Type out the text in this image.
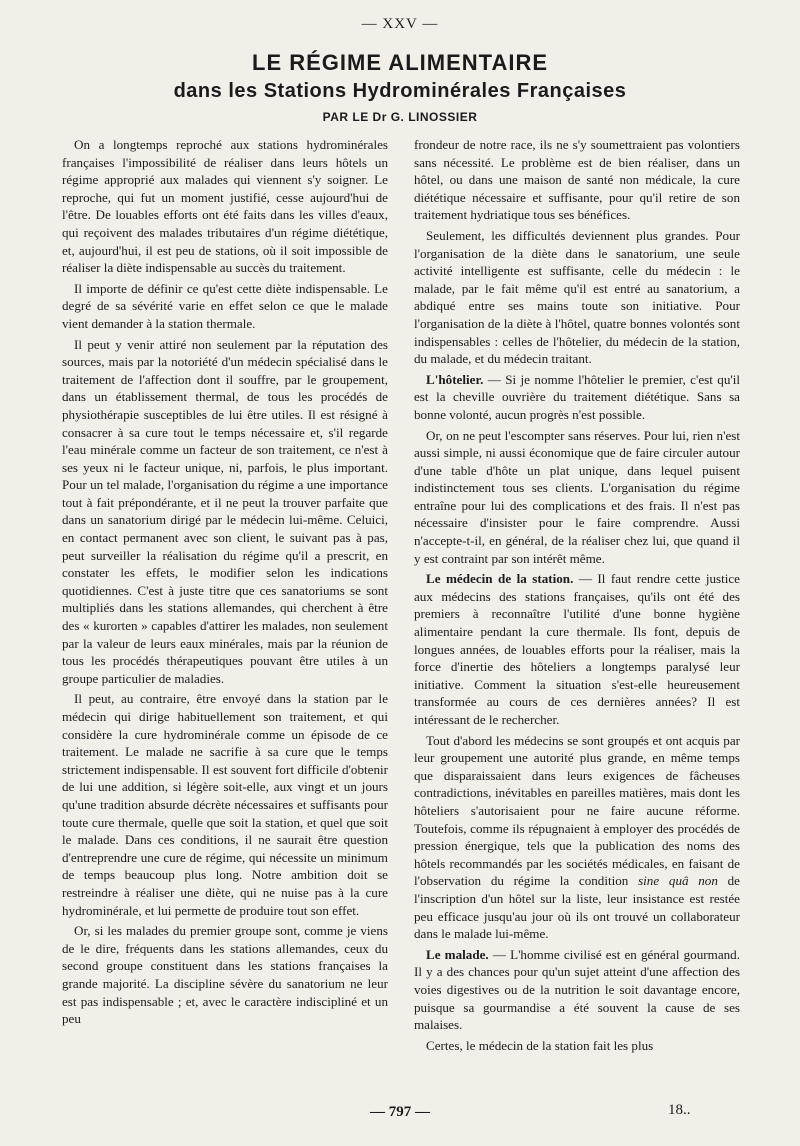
— XXV —
LE RÉGIME ALIMENTAIRE
dans les Stations Hydrominérales Françaises
PAR LE Dr G. LINOSSIER

On a longtemps reproché aux stations hydrominérales françaises l'impossibilité de réaliser dans leurs hôtels un régime approprié aux malades qui viennent s'y soigner. Le reproche, qui fut un moment justifié, cesse aujourd'hui de l'être. De louables efforts ont été faits dans les villes d'eaux, qui reçoivent des malades tributaires d'un régime diététique, et, aujourd'hui, il est peu de stations, où il soit impossible de réaliser la diète indispensable au succès du traitement.

Il importe de définir ce qu'est cette diète indispensable. Le degré de sa sévérité varie en effet selon ce que le malade vient demander à la station thermale.

Il peut y venir attiré non seulement par la réputation des sources, mais par la notoriété d'un médecin spécialisé dans le traitement de l'affection dont il souffre, par le groupement, dans un établissement thermal, de tous les procédés de physiothérapie susceptibles de lui être utiles. Il est résigné à consacrer à sa cure tout le temps nécessaire et, s'il regarde l'eau minérale comme un facteur de son traitement, ce n'est à ses yeux ni le facteur unique, ni, parfois, le plus important. Pour un tel malade, l'organisation du régime a une importance tout à fait prépondérante, et il ne peut la trouver parfaite que dans un sanatorium dirigé par le médecin lui-même. Celuici, en contact permanent avec son client, le suivant pas à pas, peut surveiller la réalisation du régime qu'il a prescrit, en constater les effets, le modifier selon les indications quotidiennes. C'est à juste titre que ces sanatoriums se sont multipliés dans les stations allemandes, qui cherchent à être des « kurorten » capables d'attirer les malades, non seulement par la valeur de leurs eaux minérales, mais par la réunion de tous les procédés thérapeutiques pouvant être utiles à un groupe particulier de maladies.

Il peut, au contraire, être envoyé dans la station par le médecin qui dirige habituellement son traitement, et qui considère la cure hydrominérale comme un épisode de ce traitement. Le malade ne sacrifie à sa cure que le temps strictement indispensable. Il est souvent fort difficile d'obtenir de lui une addition, si légère soit-elle, aux vingt et un jours qu'une tradition absurde décrète nécessaires et suffisants pour toute cure thermale, quelle que soit la station, et quel que soit le malade. Dans ces conditions, il ne saurait être question d'entreprendre une cure de régime, qui nécessite un minimum de temps beaucoup plus long. Notre ambition doit se restreindre à réaliser une diète, qui ne nuise pas à la cure hydrominérale, et lui permette de produire tout son effet.

Or, si les malades du premier groupe sont, comme je viens de le dire, fréquents dans les stations allemandes, ceux du second groupe constituent dans les stations françaises la grande majorité. La discipline sévère du sanatorium ne leur est pas indispensable ; et, avec le caractère indiscipliné et un peu

frondeur de notre race, ils ne s'y soumettraient pas volontiers sans nécessité. Le problème est de bien réaliser, dans un hôtel, ou dans une maison de santé non médicale, la cure diététique nécessaire et suffisante, pour qu'il retire de son traitement hydriatique tous ses bénéfices.

Seulement, les difficultés deviennent plus grandes. Pour l'organisation de la diète dans le sanatorium, une seule activité intelligente est suffisante, celle du médecin : le malade, par le fait même qu'il est entré au sanatorium, a abdiqué entre ses mains toute son initiative. Pour l'organisation de la diète à l'hôtel, quatre bonnes volontés sont indispensables : celles de l'hôtelier, du médecin de la station, du malade, et du médecin traitant.

L'hôtelier. — Si je nomme l'hôtelier le premier, c'est qu'il est la cheville ouvrière du traitement diététique. Sans sa bonne volonté, aucun progrès n'est possible.

Or, on ne peut l'escompter sans réserves. Pour lui, rien n'est aussi simple, ni aussi économique que de faire circuler autour d'une table d'hôte un plat unique, dans lequel puisent indistinctement tous ses clients. L'organisation du régime entraîne pour lui des complications et des frais. Il n'est pas nécessaire d'insister pour le faire comprendre. Aussi n'accepte-t-il, en général, de la réaliser chez lui, que quand il y est contraint par son intérêt même.

Le médecin de la station. — Il faut rendre cette justice aux médecins des stations françaises, qu'ils ont été des premiers à reconnaître l'utilité d'une bonne hygiène alimentaire pendant la cure thermale. Ils font, depuis de longues années, de louables efforts pour la réaliser, mais la force d'inertie des hôteliers a longtemps paralysé leur initiative. Comment la situation s'est-elle heureusement transformée au cours de ces dernières années? Il est intéressant de le rechercher.

Tout d'abord les médecins se sont groupés et ont acquis par leur groupement une autorité plus grande, en même temps que disparaissaient dans leurs exigences de fâcheuses contradictions, inévitables en pareilles matières, mais dont les hôteliers s'autorisaient pour ne faire aucune réforme. Toutefois, comme ils répugnaient à employer des procédés de pression énergique, tels que la publication des noms des hôtels recommandés par les sociétés médicales, en faisant de l'observation du régime la condition sine quâ non de l'inscription d'un hôtel sur la liste, leur insistance est restée peu efficace jusqu'au jour où ils ont trouvé un collaborateur dans le malade lui-même.

Le malade. — L'homme civilisé est en général gourmand. Il y a des chances pour qu'un sujet atteint d'une affection des voies digestives ou de la nutrition le soit davantage encore, puisque sa gourmandise a été souvent la cause de ses malaises.

Certes, le médecin de la station fait les plus

— 797 —	18..
